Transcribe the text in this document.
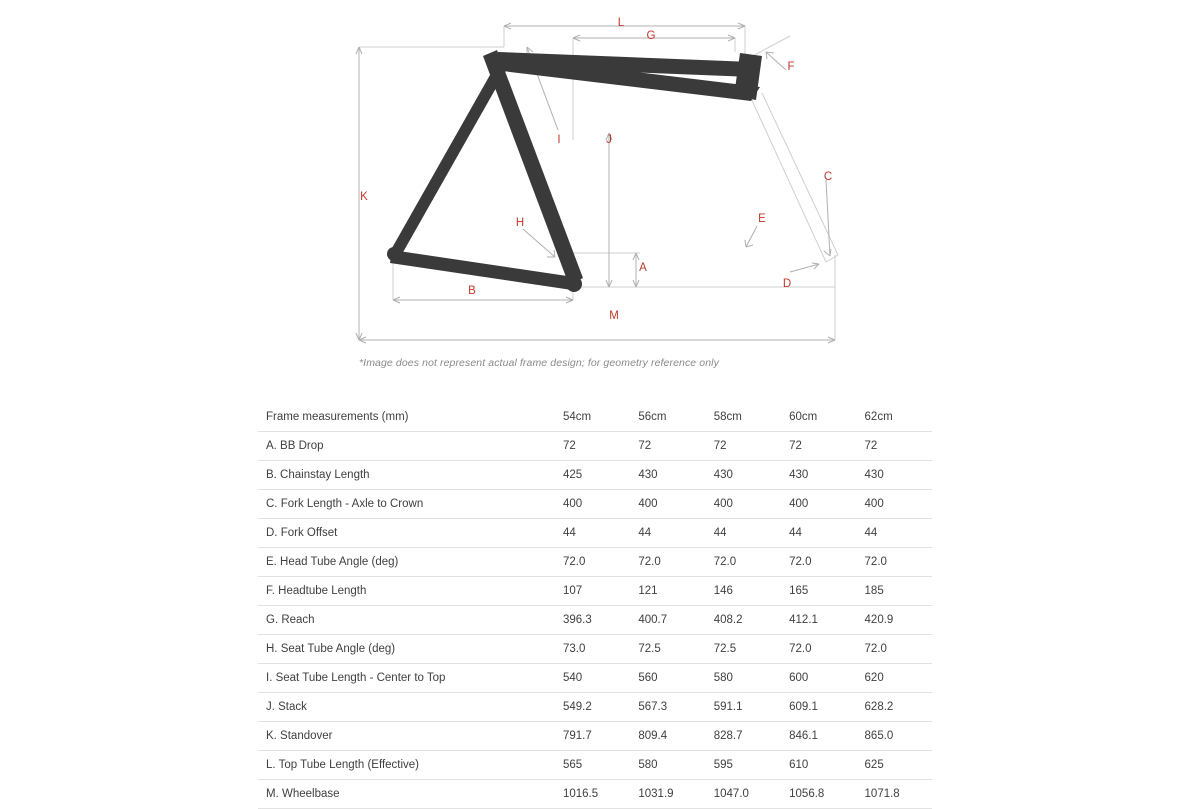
L
G
F
I	J
C
K
E
H
A
D
B
M
*Image does not represent actual frame design; for geometry reference only
Frame measurements (mm)	54cm	56cm	58cm	60cm	62cm
A. BB Drop	72	72	72	72	72
B. Chainstay Length	425	430	430	430	430
C. Fork Length - Axle to Crown	400	400	400	400	400
D. Fork Offset	44	44	44	44	44
E. Head Tube Angle (deg)	72.0	72.0	72.0	72.0	72.0
F. Headtube Length	107	121	146	165	185
G. Reach	396.3	400.7	408.2	412.1	420.9
H. Seat Tube Angle (deg)	73.0	72.5	72.5	72.0	72.0
I. Seat Tube Length - Center to Top	540	560	580	600	620
J. Stack	549.2	567.3	591.1	609.1	628.2
K. Standover	791.7	809.4	828.7	846.1	865.0
L. Top Tube Length (Effective)	565	580	595	610	625
M. Wheelbase	1016.5	1031.9	1047.0	1056.8	1071.8
